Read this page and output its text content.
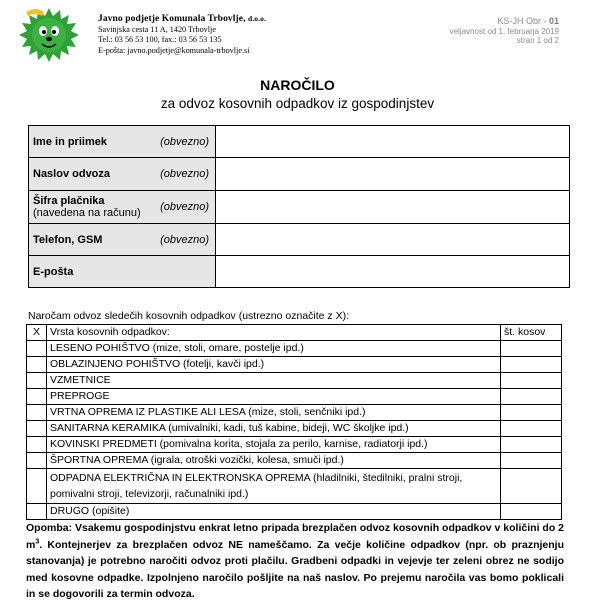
Javno podjetje Komunala Trbovlje, d.o.o.
Savinjska cesta 11 A, 1420 Trbovlje
Tel.: 03 56 53 100, fax.: 03 56 53 135
E-pošta: javno.podjetje@komunala-trbovlje.si
KS-JH Obr - 01
veljavnost od 1. februarja 2019
stran 1 od 2
NAROČILO
za odvoz kosovnih odpadkov iz gospodinjstev
Ime in priimek	(obvezno)	
Naslov odvoza	(obvezno)	
Šifra plačnika
(navedena na računu)	(obvezno)	
Telefon, GSM	(obvezno)	
E-pošta		
Naročam odvoz sledečih kosovnih odpadkov (ustrezno označite z X):
X	Vrsta kosovnih odpadkov:	št. kosov
	LESENO POHIŠTVO (mize, stoli, omare, postelje ipd.)	
	OBLAZINJENO POHIŠTVO (fotelji, kavči ipd.)	
	VZMETNICE	
	PREPROGE	
	VRTNA OPREMA IZ PLASTIKE ALI LESA (mize, stoli, senčniki ipd.)	
	SANITARNA KERAMIKA (umivalniki, kadi, tuš kabine, bideji, WC školjke ipd.)	
	KOVINSKI PREDMETI (pomivalna korita, stojala za perilo, karnise, radiatorji ipd.)	
	ŠPORTNA OPREMA (igrala, otroški vozički, kolesa, smuči ipd.)	
	ODPADNA ELEKTRIČNA IN ELEKTRONSKA OPREMA (hladilniki, štedilniki, pralni stroji, pomivalni stroji, televizorji, računalniki ipd.)	
	DRUGO (opišite)	
Opomba: Vsakemu gospodinjstvu enkrat letno pripada brezplačen odvoz kosovnih odpadkov v količini do 2 $m^3$. Kontejnerjev za brezplačen odvoz NE nameščamo. Za večje količine odpadkov (npr. ob praznjenju stanovanja) je potrebno naročiti odvoz proti plačilu. Gradbeni odpadki in vejevje ter zeleni obrez ne sodijo med kosovne odpadke. Izpolnjeno naročilo pošljite na naš naslov. Po prejemu naročila vas bomo poklicali in se dogovorili za termin odvoza.
